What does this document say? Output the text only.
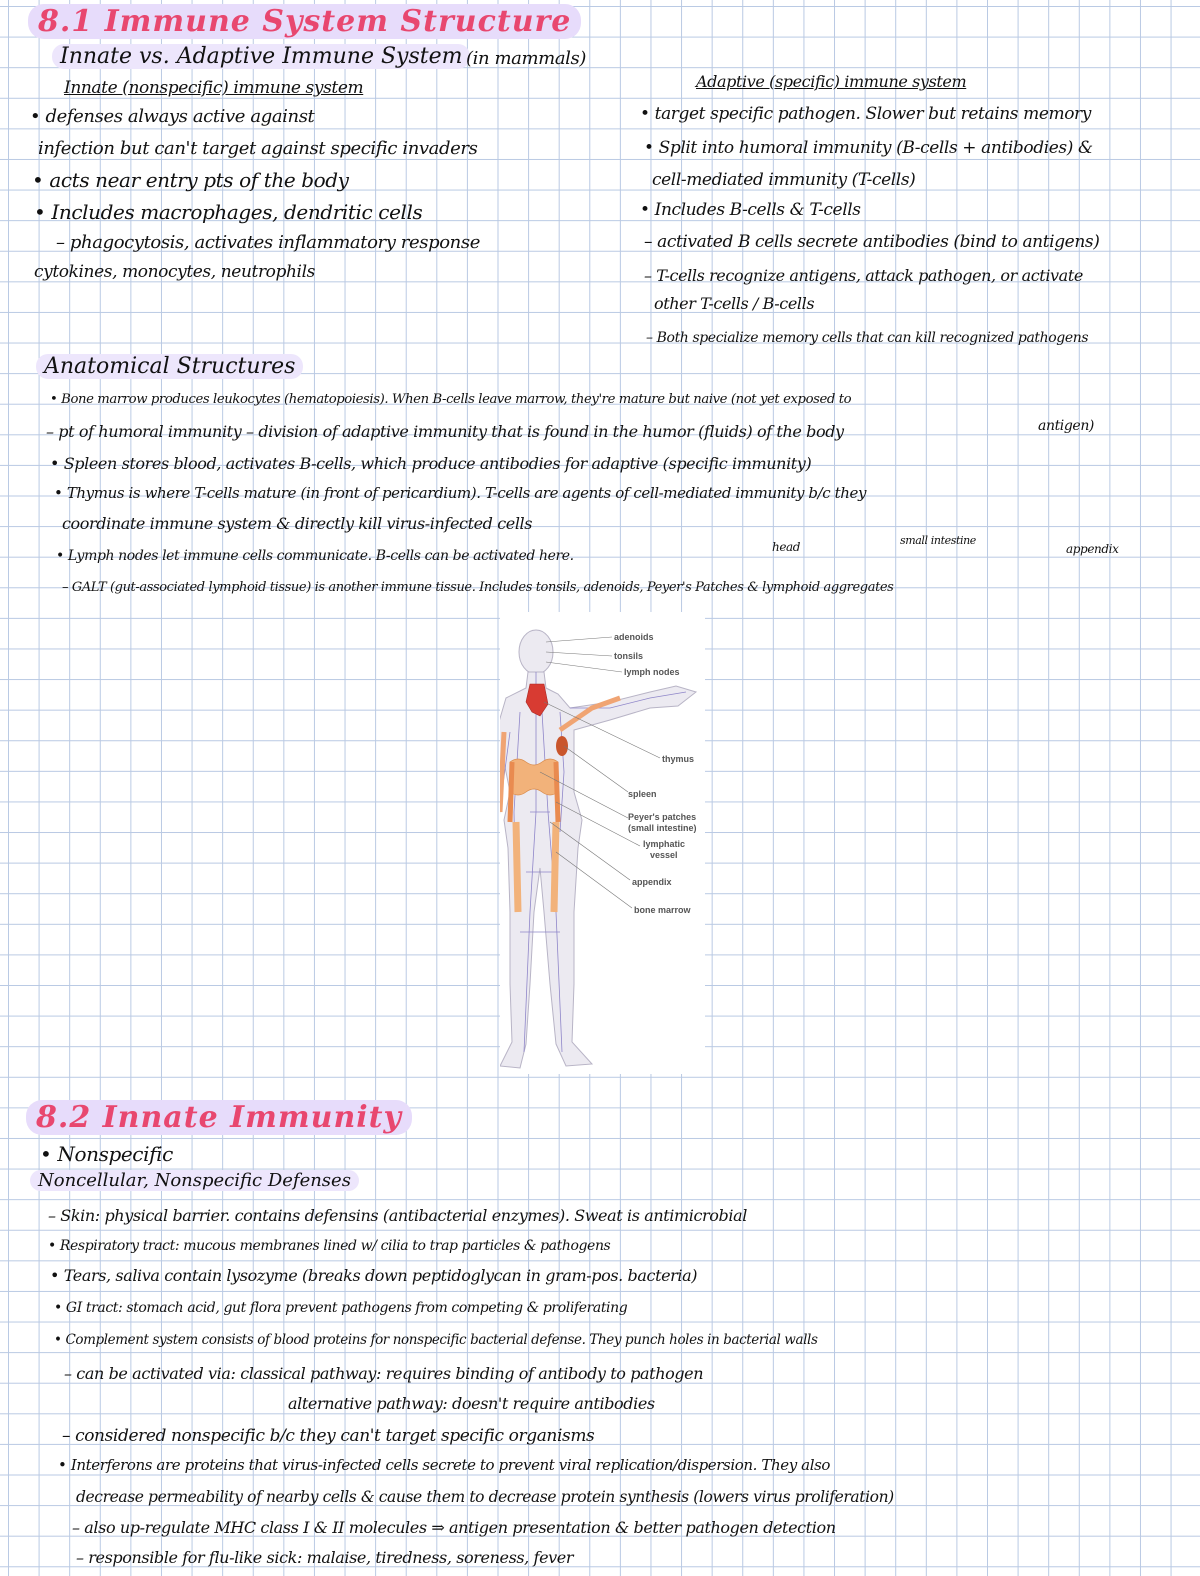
8.1 Immune System Structure
Innate vs. Adaptive Immune System (in mammals)
Innate (nonspecific) immune system
• defenses always active against
infection but can't target against specific invaders
• acts near entry pts of the body
• Includes macrophages, dendritic cells
– phagocytosis, activates inflammatory response
cytokines, monocytes, neutrophils
Adaptive (specific) immune system
• target specific pathogen. Slower but retains memory
• Split into humoral immunity (B-cells + antibodies) &
cell-mediated immunity (T-cells)
• Includes B-cells & T-cells
– activated B cells secrete antibodies (bind to antigens)
– T-cells recognize antigens, attack pathogen, or activate
other T-cells / B-cells
– Both specialize memory cells that can kill recognized pathogens
Anatomical Structures
• Bone marrow produces leukocytes (hematopoiesis). When B-cells leave marrow, they're mature but naive (not yet exposed to
– pt of humoral immunity – division of adaptive immunity that is found in the humor (fluids) of the body	antigen)
• Spleen stores blood, activates B-cells, which produce antibodies for adaptive (specific immunity)
• Thymus is where T-cells mature (in front of pericardium). T-cells are agents of cell-mediated immunity b/c they
coordinate immune system & directly kill virus-infected cells
• Lymph nodes let immune cells communicate. B-cells can be activated here.
head	small intestine
appendix
– GALT (gut-associated lymphoid tissue) is another immune tissue. Includes tonsils, adenoids, Peyer's Patches & lymphoid aggregates
adenoids
tonsils
lymph nodes
thymus
spleen
Peyer's patches
(small intestine)
lymphatic
vessel
appendix
bone marrow
8.2 Innate Immunity
• Nonspecific
Noncellular, Nonspecific Defenses
– Skin: physical barrier. contains defensins (antibacterial enzymes). Sweat is antimicrobial
• Respiratory tract: mucous membranes lined w/ cilia to trap particles & pathogens
• Tears, saliva contain lysozyme (breaks down peptidoglycan in gram-pos. bacteria)
• GI tract: stomach acid, gut flora prevent pathogens from competing & proliferating
• Complement system consists of blood proteins for nonspecific bacterial defense. They punch holes in bacterial walls
– can be activated via: classical pathway: requires binding of antibody to pathogen
alternative pathway: doesn't require antibodies
– considered nonspecific b/c they can't target specific organisms
• Interferons are proteins that virus-infected cells secrete to prevent viral replication/dispersion. They also
decrease permeability of nearby cells & cause them to decrease protein synthesis (lowers virus proliferation)
– also up-regulate MHC class I & II molecules ⇒ antigen presentation & better pathogen detection
– responsible for flu-like sick: malaise, tiredness, soreness, fever
